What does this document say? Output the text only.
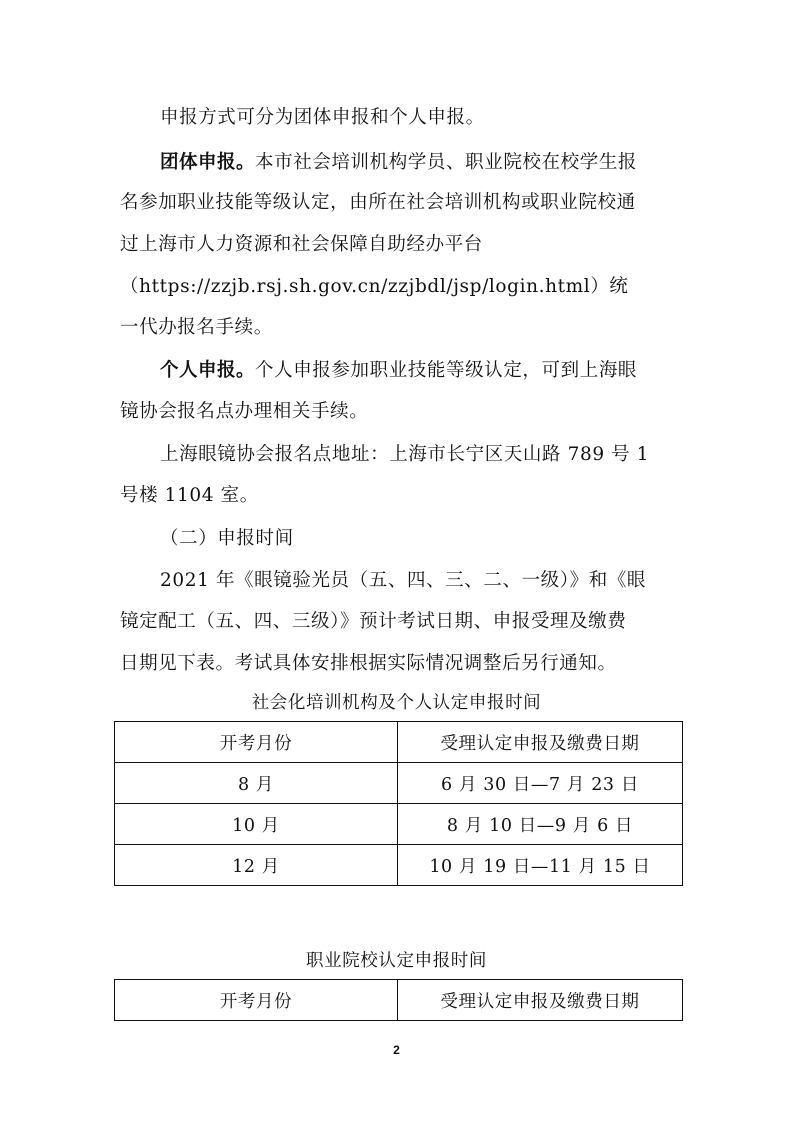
申报方式可分为团体申报和个人申报。
团体申报。本市社会培训机构学员、职业院校在校学生报
名参加职业技能等级认定，由所在社会培训机构或职业院校通
过上海市人力资源和社会保障自助经办平台
（https://zzjb.rsj.sh.gov.cn/zzjbdl/jsp/login.html）统
一代办报名手续。
个人申报。个人申报参加职业技能等级认定，可到上海眼
镜协会报名点办理相关手续。
上海眼镜协会报名点地址：上海市长宁区天山路 789 号 1
号楼 1104 室。
（二）申报时间
2021 年《眼镜验光员（五、四、三、二、一级）》和《眼
镜定配工（五、四、三级）》预计考试日期、申报受理及缴费
日期见下表。考试具体安排根据实际情况调整后另行通知。
社会化培训机构及个人认定申报时间
开考月份	受理认定申报及缴费日期
8 月	6 月 30 日—7 月 23 日
10 月	8 月 10 日—9 月 6 日
12 月	10 月 19 日—11 月 15 日
职业院校认定申报时间
开考月份	受理认定申报及缴费日期
2
